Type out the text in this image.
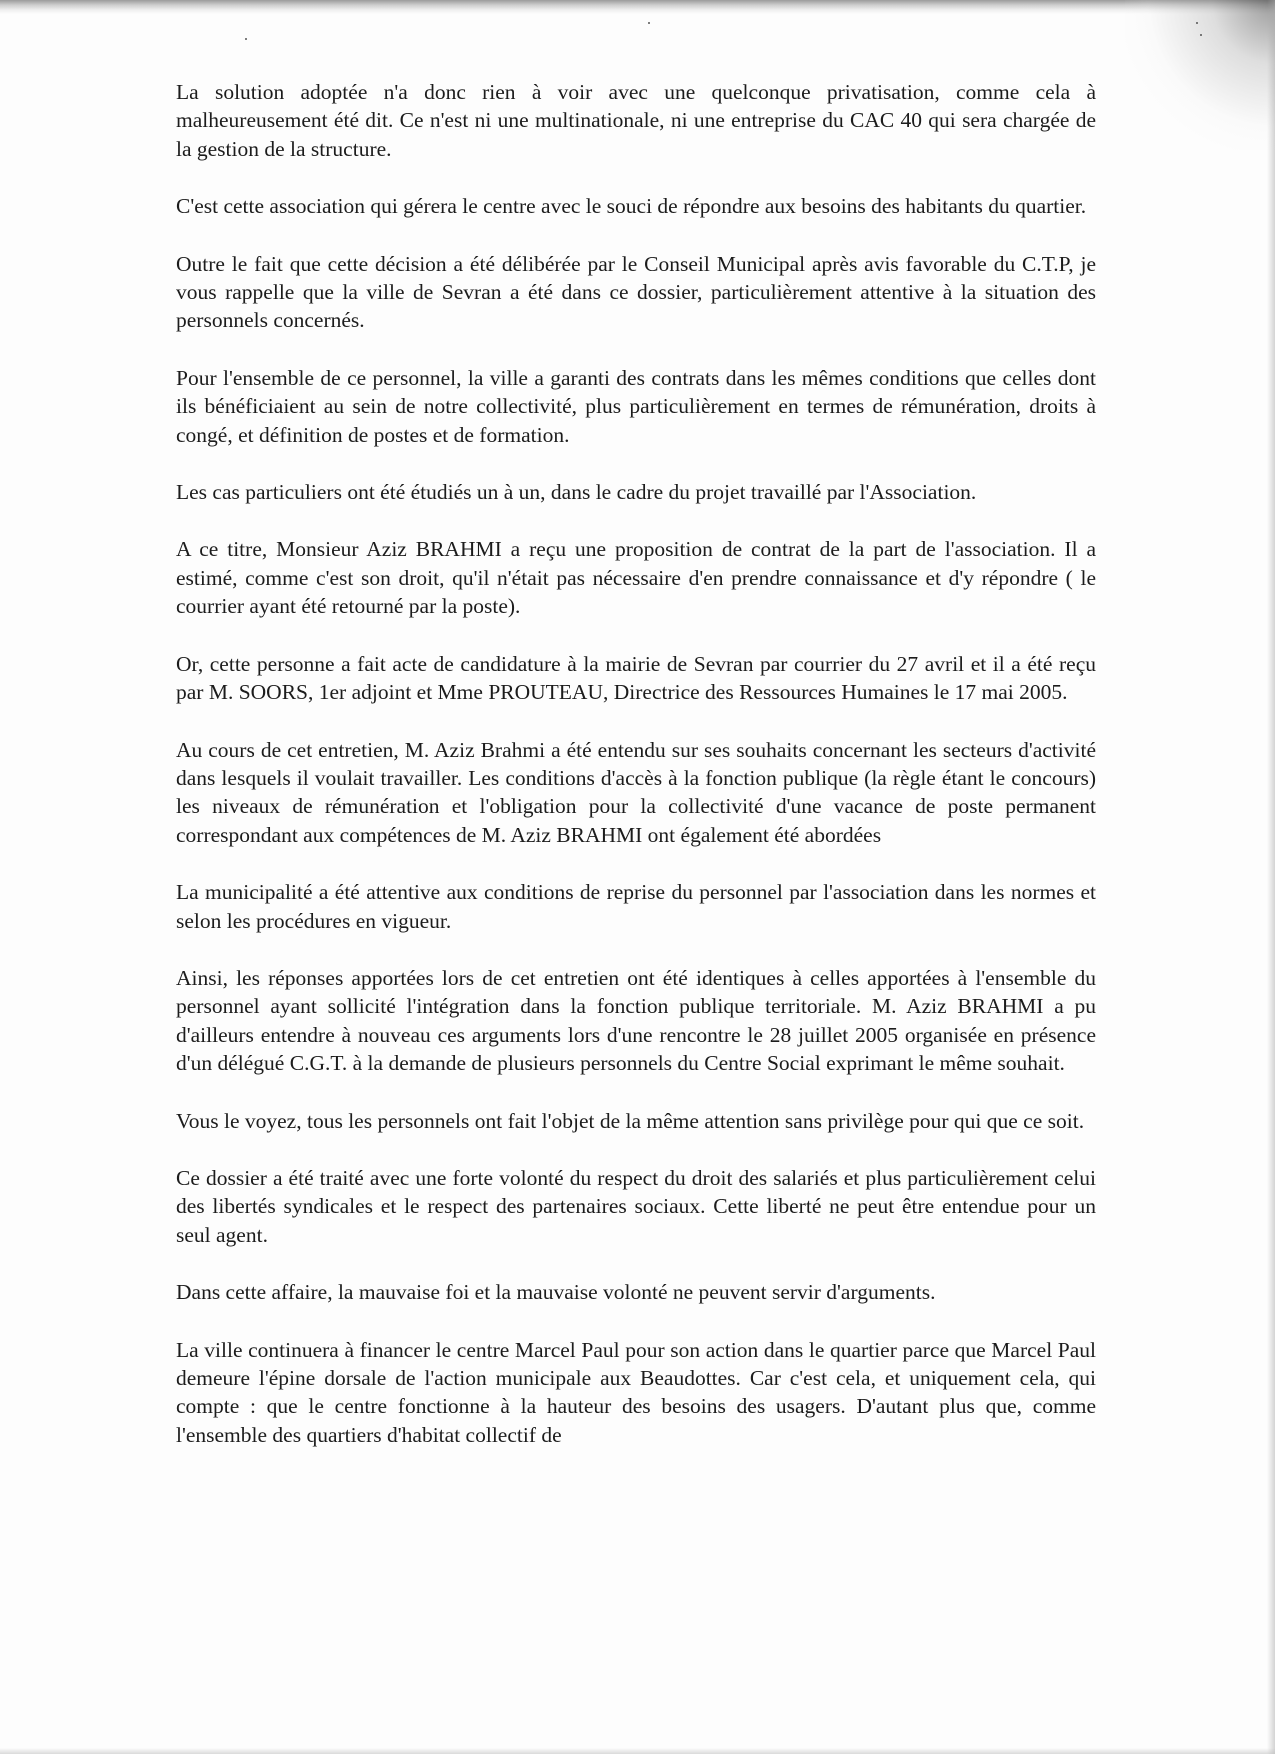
La solution adoptée n'a donc rien à voir avec une quelconque privatisation, comme cela à malheureusement été dit. Ce n'est ni une multinationale, ni une entreprise du CAC 40 qui sera chargée de la gestion de la structure.

C'est cette association qui gérera le centre avec le souci de répondre aux besoins des habitants du quartier.

Outre le fait que cette décision a été délibérée par le Conseil Municipal après avis favorable du C.T.P, je vous rappelle que la ville de Sevran a été dans ce dossier, particulièrement attentive à la situation des personnels concernés.

Pour l'ensemble de ce personnel, la ville a garanti des contrats dans les mêmes conditions que celles dont ils bénéficiaient au sein de notre collectivité, plus particulièrement en termes de rémunération, droits à congé, et définition de postes et de formation.

Les cas particuliers ont été étudiés un à un, dans le cadre du projet travaillé par l'Association.

A ce titre, Monsieur Aziz BRAHMI a reçu une proposition de contrat de la part de l'association. Il a estimé, comme c'est son droit, qu'il n'était pas nécessaire d'en prendre connaissance et d'y répondre ( le courrier ayant été retourné par la poste).

Or, cette personne a fait acte de candidature à la mairie de Sevran par courrier du 27 avril et il a été reçu par M. SOORS, 1er adjoint et Mme PROUTEAU, Directrice des Ressources Humaines le 17 mai 2005.

Au cours de cet entretien, M. Aziz Brahmi a été entendu sur ses souhaits concernant les secteurs d'activité dans lesquels il voulait travailler. Les conditions d'accès à la fonction publique (la règle étant le concours) les niveaux de rémunération et l'obligation pour la collectivité d'une vacance de poste permanent correspondant aux compétences de M. Aziz BRAHMI ont également été abordées

La municipalité a été attentive aux conditions de reprise du personnel par l'association dans les normes et selon les procédures en vigueur.

Ainsi, les réponses apportées lors de cet entretien ont été identiques à celles apportées à l'ensemble du personnel ayant sollicité l'intégration dans la fonction publique territoriale. M. Aziz BRAHMI a pu d'ailleurs entendre à nouveau ces arguments lors d'une rencontre le 28 juillet 2005 organisée en présence d'un délégué C.G.T. à la demande de plusieurs personnels du Centre Social exprimant le même souhait.

Vous le voyez, tous les personnels ont fait l'objet de la même attention sans privilège pour qui que ce soit.

Ce dossier a été traité avec une forte volonté du respect du droit des salariés et plus particulièrement celui des libertés syndicales et le respect des partenaires sociaux. Cette liberté ne peut être entendue pour un seul agent.

Dans cette affaire, la mauvaise foi et la mauvaise volonté ne peuvent servir d'arguments.

La ville continuera à financer le centre Marcel Paul pour son action dans le quartier parce que Marcel Paul demeure l'épine dorsale de l'action municipale aux Beaudottes. Car c'est cela, et uniquement cela, qui compte : que le centre fonctionne à la hauteur des besoins des usagers. D'autant plus que, comme l'ensemble des quartiers d'habitat collectif de
